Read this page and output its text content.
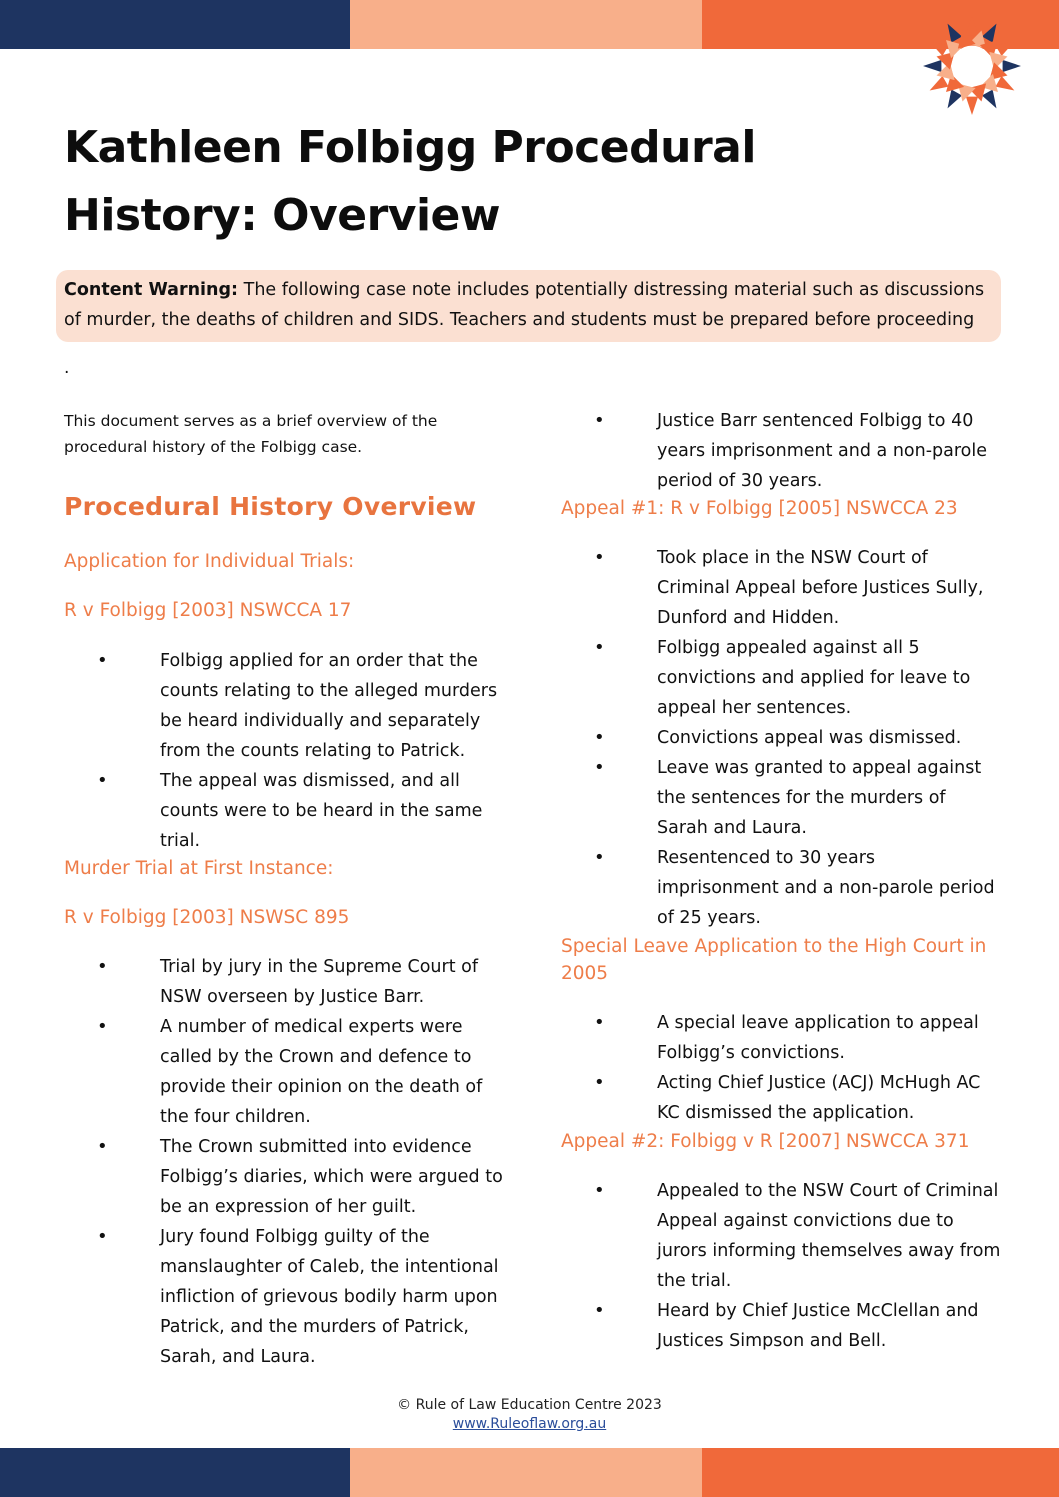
Kathleen Folbigg Procedural History: Overview
Content Warning: The following case note includes potentially distressing material such as discussions of murder, the deaths of children and SIDS. Teachers and students must be prepared before proceeding
.

This document serves as a brief overview of the procedural history of the Folbigg case.

Procedural History Overview
Application for Individual Trials:
R v Folbigg [2003] NSWCCA 17
• Folbigg applied for an order that the counts relating to the alleged murders be heard individually and separately from the counts relating to Patrick.
• The appeal was dismissed, and all counts were to be heard in the same trial.
Murder Trial at First Instance:
R v Folbigg [2003] NSWSC 895
• Trial by jury in the Supreme Court of NSW overseen by Justice Barr.
• A number of medical experts were called by the Crown and defence to provide their opinion on the death of the four children.
• The Crown submitted into evidence Folbigg’s diaries, which were argued to be an expression of her guilt.
• Jury found Folbigg guilty of the manslaughter of Caleb, the intentional infliction of grievous bodily harm upon Patrick, and the murders of Patrick, Sarah, and Laura.
• Justice Barr sentenced Folbigg to 40 years imprisonment and a non-parole period of 30 years.
Appeal #1: R v Folbigg [2005] NSWCCA 23
• Took place in the NSW Court of Criminal Appeal before Justices Sully, Dunford and Hidden.
• Folbigg appealed against all 5 convictions and applied for leave to appeal her sentences.
• Convictions appeal was dismissed.
• Leave was granted to appeal against the sentences for the murders of Sarah and Laura.
• Resentenced to 30 years imprisonment and a non-parole period of 25 years.
Special Leave Application to the High Court in 2005
• A special leave application to appeal Folbigg’s convictions.
• Acting Chief Justice (ACJ) McHugh AC KC dismissed the application.
Appeal #2: Folbigg v R [2007] NSWCCA 371
• Appealed to the NSW Court of Criminal Appeal against convictions due to jurors informing themselves away from the trial.
• Heard by Chief Justice McClellan and Justices Simpson and Bell.
© Rule of Law Education Centre 2023
www.Ruleoflaw.org.au
